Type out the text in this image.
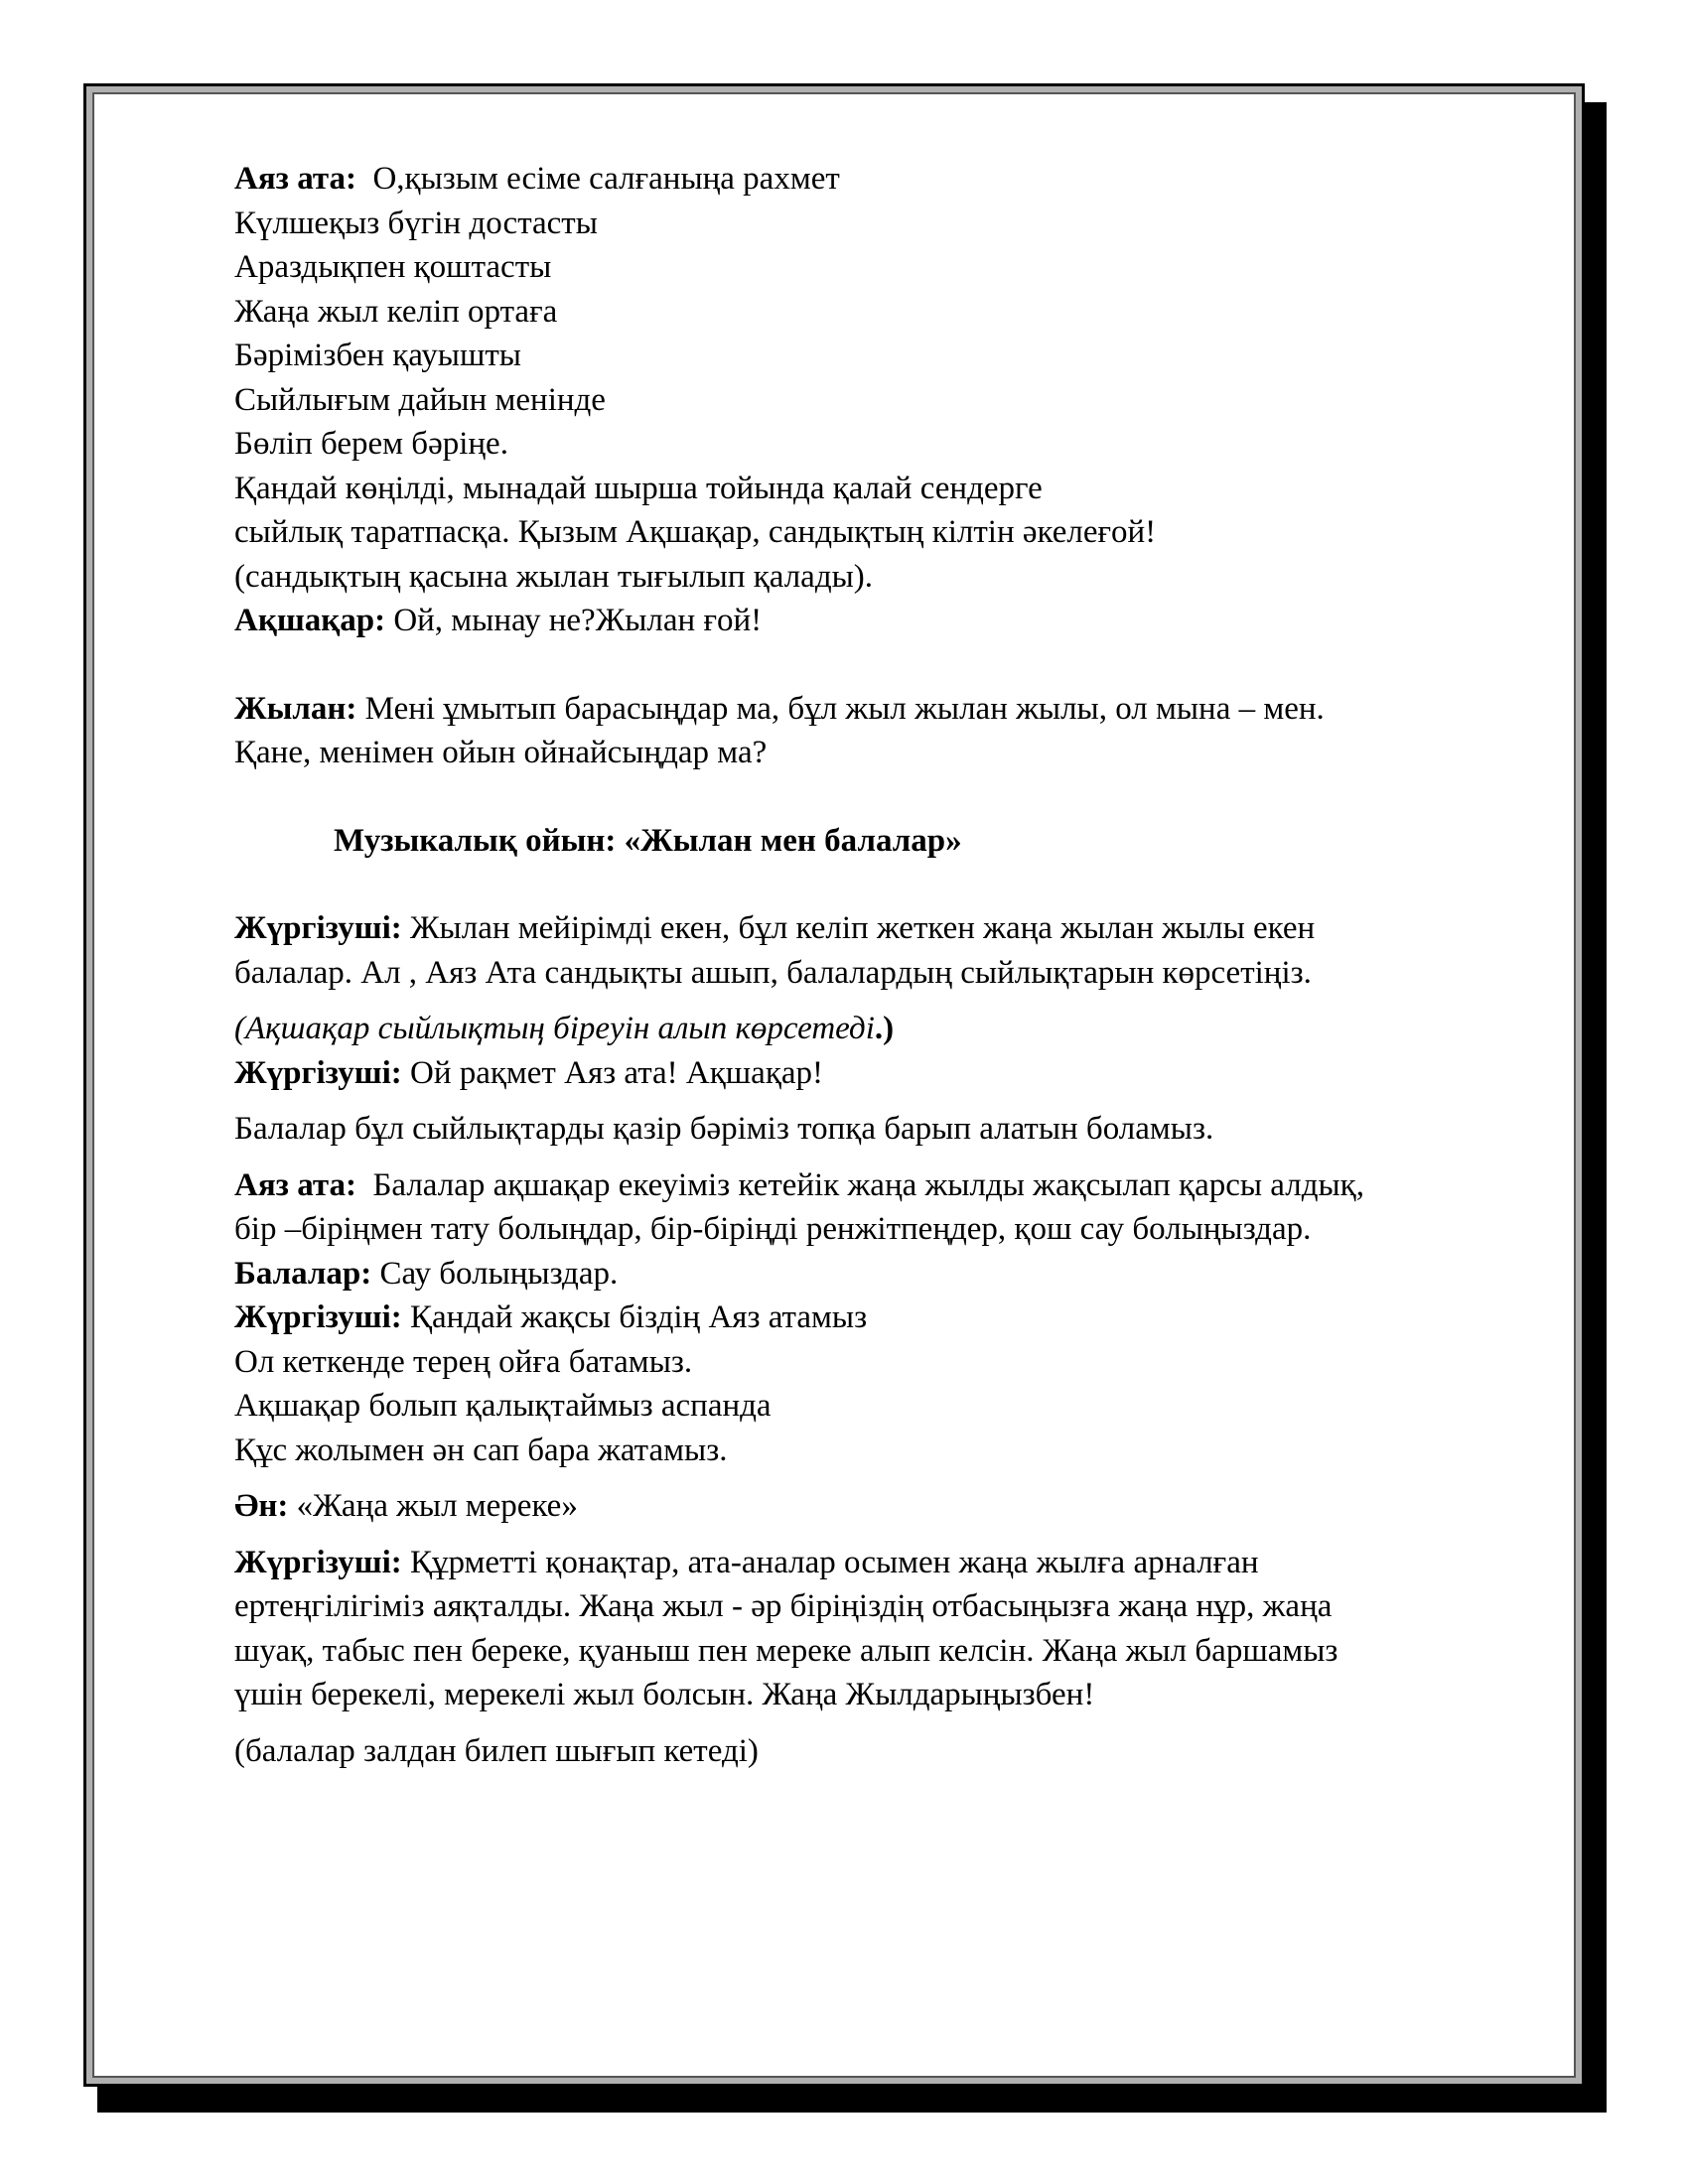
Аяз ата: О,қызым есіме салғаныңа рахмет
Күлшеқыз бүгін достасты
Араздықпен қоштасты
Жаңа жыл келіп ортаға
Бәрімізбен қауышты
Сыйлығым дайын менінде
Бөліп берем бәріңе.
Қандай көңілді, мынадай шырша тойында қалай сендерге
сыйлық таратпасқа. Қызым Ақшақар, сандықтың кілтін әкелеғой!
(сандықтың қасына жылан тығылып қалады).
Ақшақар: Ой, мынау не?Жылан ғой!
Жылан: Мені ұмытып барасыңдар ма, бұл жыл жылан жылы, ол мына – мен.
Қане, менімен ойын ойнайсыңдар ма?
Музыкалық ойын: «Жылан мен балалар»
Жүргізуші: Жылан мейірімді екен, бұл келіп жеткен жаңа жылан жылы екен
балалар. Ал , Аяз Ата сандықты ашып, балалардың сыйлықтарын көрсетіңіз.
(Ақшақар сыйлықтың біреуін алып көрсетеді.)
Жүргізуші: Ой рақмет Аяз ата! Ақшақар!
Балалар бұл сыйлықтарды қазір бәріміз топқа барып алатын боламыз.
Аяз ата: Балалар ақшақар екеуіміз кетейік жаңа жылды жақсылап қарсы алдық,
бір –біріңмен тату болыңдар, бір-біріңді ренжітпеңдер, қош сау болыңыздар.
Балалар: Сау болыңыздар.
Жүргізуші: Қандай жақсы біздің Аяз атамыз
Ол кеткенде терең ойға батамыз.
Ақшақар болып қалықтаймыз аспанда
Құс жолымен ән сап бара жатамыз.
Ән: «Жаңа жыл мереке»
Жүргізуші: Құрметті қонақтар, ата-аналар осымен жаңа жылға арналған
ертеңгілігіміз аяқталды. Жаңа жыл - әр біріңіздің отбасыңызға жаңа нұр, жаңа
шуақ, табыс пен береке, қуаныш пен мереке алып келсін. Жаңа жыл баршамыз
үшін берекелі, мерекелі жыл болсын. Жаңа Жылдарыңызбен!
(балалар залдан билеп шығып кетеді)
